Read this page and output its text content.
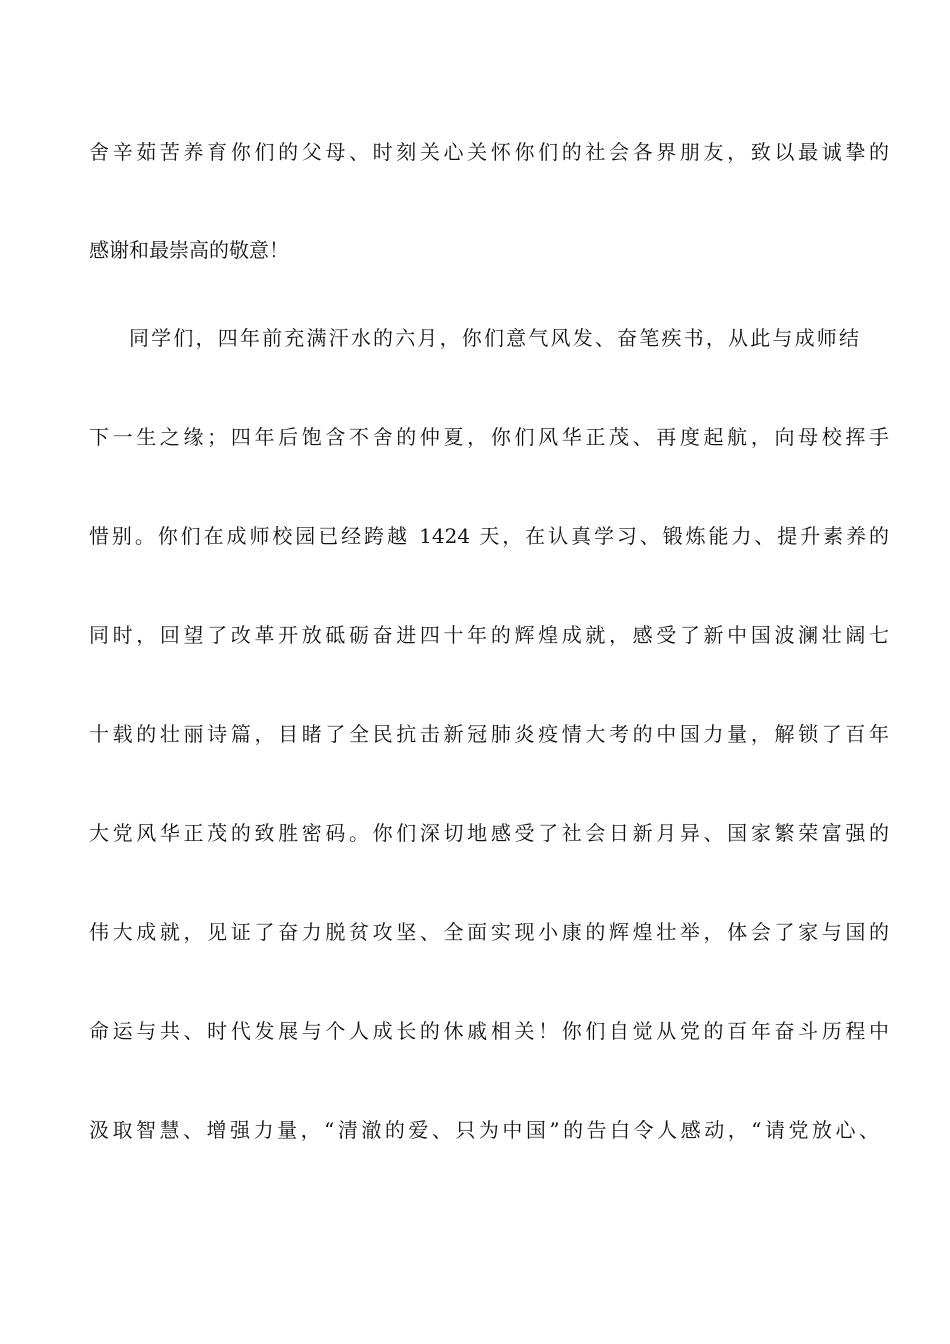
舍辛茹苦养育你们的父母、时刻关心关怀你们的社会各界朋友，致以最诚挚的
感谢和最崇高的敬意！
同学们，四年前充满汗水的六月，你们意气风发、奋笔疾书，从此与成师结
下一生之缘；四年后饱含不舍的仲夏，你们风华正茂、再度起航，向母校挥手
惜别。你们在成师校园已经跨越 1424 天，在认真学习、锻炼能力、提升素养的
同时，回望了改革开放砥砺奋进四十年的辉煌成就，感受了新中国波澜壮阔七
十载的壮丽诗篇，目睹了全民抗击新冠肺炎疫情大考的中国力量，解锁了百年
大党风华正茂的致胜密码。你们深切地感受了社会日新月异、国家繁荣富强的
伟大成就，见证了奋力脱贫攻坚、全面实现小康的辉煌壮举，体会了家与国的
命运与共、时代发展与个人成长的休戚相关！你们自觉从党的百年奋斗历程中
汲取智慧、增强力量，“清澈的爱、只为中国”的告白令人感动，“请党放心、
